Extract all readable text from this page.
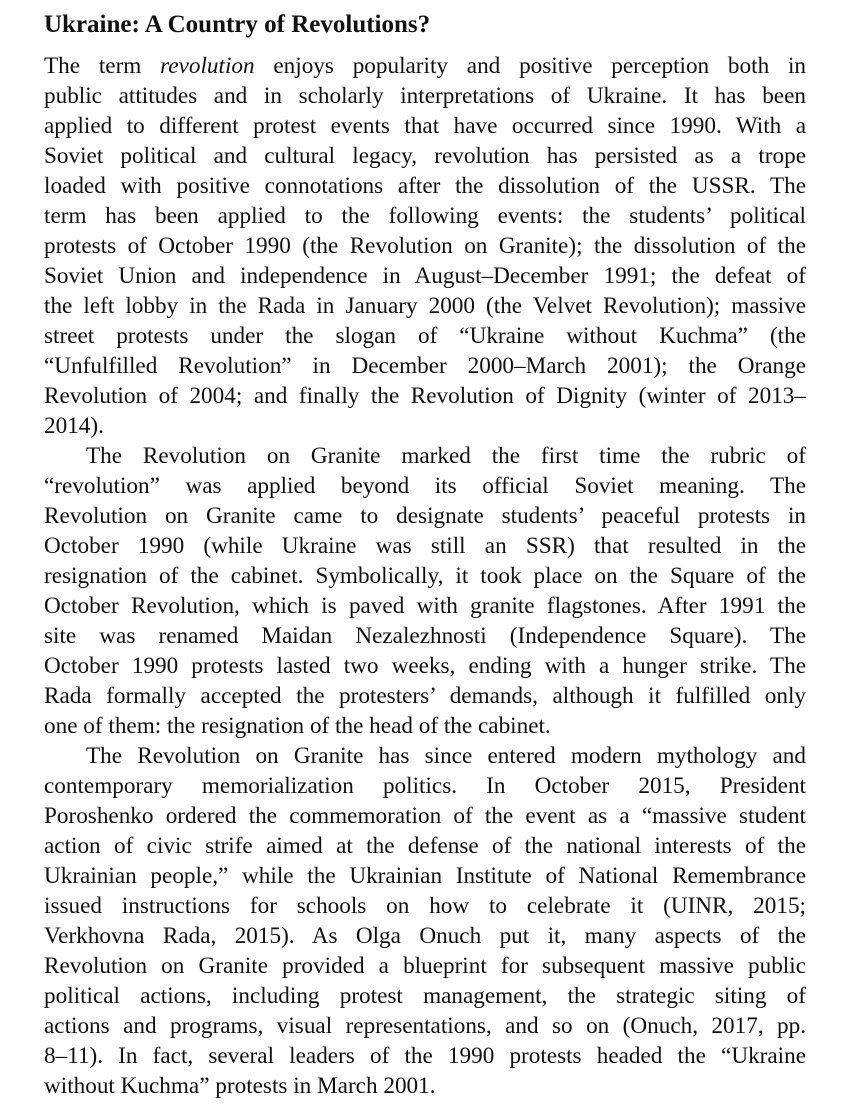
Ukraine: A Country of Revolutions?
The term revolution enjoys popularity and positive perception both in
public attitudes and in scholarly interpretations of Ukraine. It has been
applied to different protest events that have occurred since 1990. With a
Soviet political and cultural legacy, revolution has persisted as a trope
loaded with positive connotations after the dissolution of the USSR. The
term has been applied to the following events: the students’ political
protests of October 1990 (the Revolution on Granite); the dissolution of the
Soviet Union and independence in August–December 1991; the defeat of
the left lobby in the Rada in January 2000 (the Velvet Revolution); massive
street protests under the slogan of “Ukraine without Kuchma” (the
“Unfulfilled Revolution” in December 2000–March 2001); the Orange
Revolution of 2004; and finally the Revolution of Dignity (winter of 2013–
2014).
The Revolution on Granite marked the first time the rubric of
“revolution” was applied beyond its official Soviet meaning. The
Revolution on Granite came to designate students’ peaceful protests in
October 1990 (while Ukraine was still an SSR) that resulted in the
resignation of the cabinet. Symbolically, it took place on the Square of the
October Revolution, which is paved with granite flagstones. After 1991 the
site was renamed Maidan Nezalezhnosti (Independence Square). The
October 1990 protests lasted two weeks, ending with a hunger strike. The
Rada formally accepted the protesters’ demands, although it fulfilled only
one of them: the resignation of the head of the cabinet.
The Revolution on Granite has since entered modern mythology and
contemporary memorialization politics. In October 2015, President
Poroshenko ordered the commemoration of the event as a “massive student
action of civic strife aimed at the defense of the national interests of the
Ukrainian people,” while the Ukrainian Institute of National Remembrance
issued instructions for schools on how to celebrate it (UINR, 2015;
Verkhovna Rada, 2015). As Olga Onuch put it, many aspects of the
Revolution on Granite provided a blueprint for subsequent massive public
political actions, including protest management, the strategic siting of
actions and programs, visual representations, and so on (Onuch, 2017, pp.
8–11). In fact, several leaders of the 1990 protests headed the “Ukraine
without Kuchma” protests in March 2001.
